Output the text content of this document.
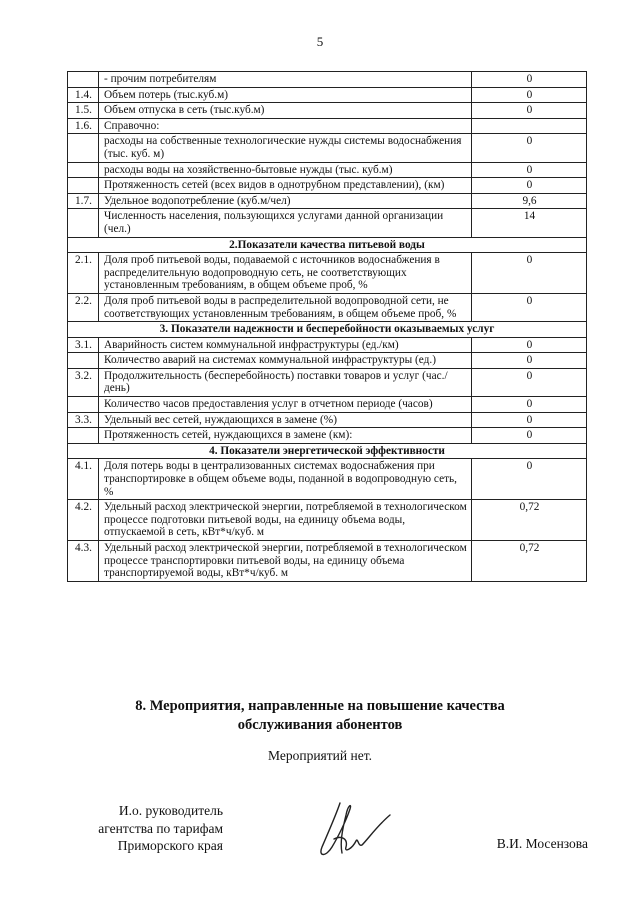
5
	- прочим потребителям	0
1.4.	Объем потерь (тыс.куб.м)	0
1.5.	Объем отпуска в сеть (тыс.куб.м)	0
1.6.	Справочно:	
	расходы на собственные технологические нужды системы водоснабжения (тыс. куб. м)	0
	расходы воды на хозяйственно-бытовые нужды (тыс. куб.м)	0
	Протяженность сетей (всех видов в однотрубном представлении), (км)	0
1.7.	Удельное водопотребление (куб.м/чел)	9,6
	Численность населения, пользующихся услугами данной организации (чел.)	14
2.Показатели качества питьевой воды		
2.1.	Доля проб питьевой воды, подаваемой с источников водоснабжения в распределительную водопроводную сеть, не соответствующих установленным требованиям, в общем объеме проб, %	0
2.2.	Доля проб питьевой воды в распределительной водопроводной сети, не соответствующих установленным требованиям, в общем объеме проб, %	0
3. Показатели надежности и бесперебойности оказываемых услуг		
3.1.	Аварийность систем коммунальной инфраструктуры (ед./км)	0
	Количество аварий на системах коммунальной инфраструктуры (ед.)	0
3.2.	Продолжительность (бесперебойность) поставки товаров и услуг (час./день)	0
	Количество часов предоставления услуг в отчетном периоде (часов)	0
3.3.	Удельный вес сетей, нуждающихся в замене (%)	0
	Протяженность сетей, нуждающихся в замене (км):	0
4. Показатели энергетической эффективности		
4.1.	Доля потерь воды в централизованных системах водоснабжения при транспортировке в общем объеме воды, поданной в водопроводную сеть, %	0
4.2.	Удельный расход электрической энергии, потребляемой в технологическом процессе подготовки питьевой воды, на единицу объема воды, отпускаемой в сеть, кВт*ч/куб. м	0,72
4.3.	Удельный расход электрической энергии, потребляемой в технологическом процессе транспортировки питьевой воды, на единицу объема транспортируемой воды, кВт*ч/куб. м	0,72
8. Мероприятия, направленные на повышение качества
обслуживания абонентов
Мероприятий нет.
И.о. руководитель
агентства по тарифам
Приморского края	В.И. Мосензова
